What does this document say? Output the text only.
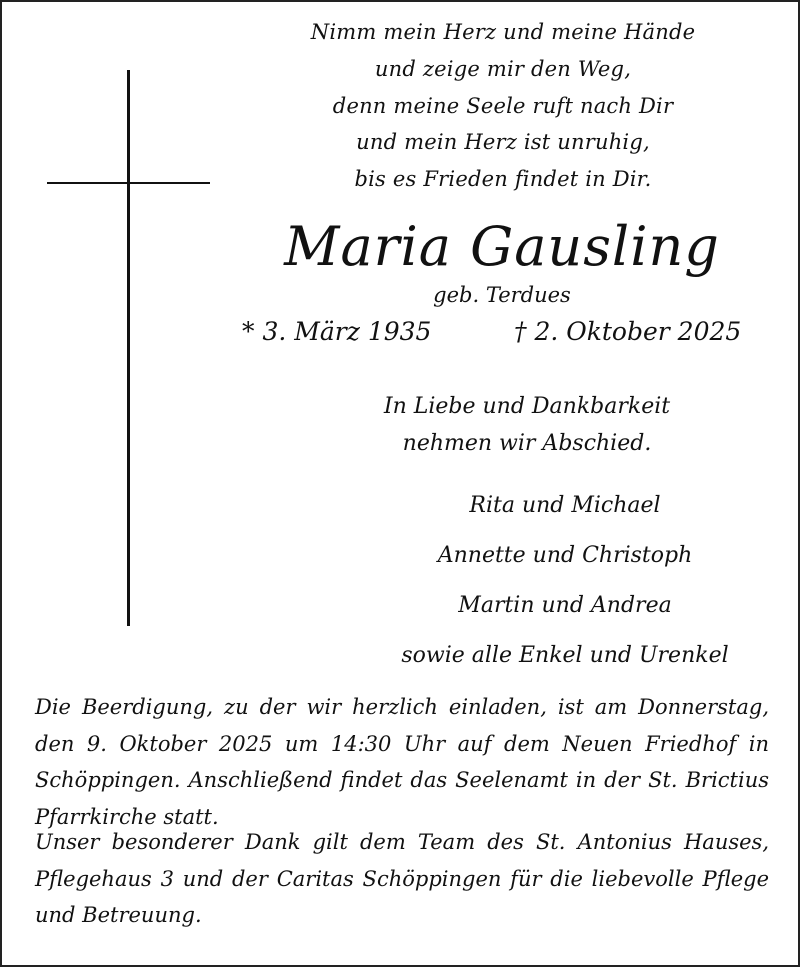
Nimm mein Herz und meine Hände
und zeige mir den Weg,
denn meine Seele ruft nach Dir
und mein Herz ist unruhig,
bis es Frieden findet in Dir.
Maria Gausling
geb. Terdues
* 3. März 1935	† 2. Oktober 2025
In Liebe und Dankbarkeit
nehmen wir Abschied.
Rita und Michael
Annette und Christoph
Martin und Andrea
sowie alle Enkel und Urenkel
Die Beerdigung, zu der wir herzlich einladen, ist am Donnerstag, den 9. Oktober 2025 um 14:30 Uhr auf dem Neuen Friedhof in Schöppingen. Anschließend findet das Seelenamt in der St. Brictius Pfarrkirche statt.
Unser besonderer Dank gilt dem Team des St. Antonius Hauses, Pflegehaus 3 und der Caritas Schöppingen für die liebevolle Pflege und Betreuung.
